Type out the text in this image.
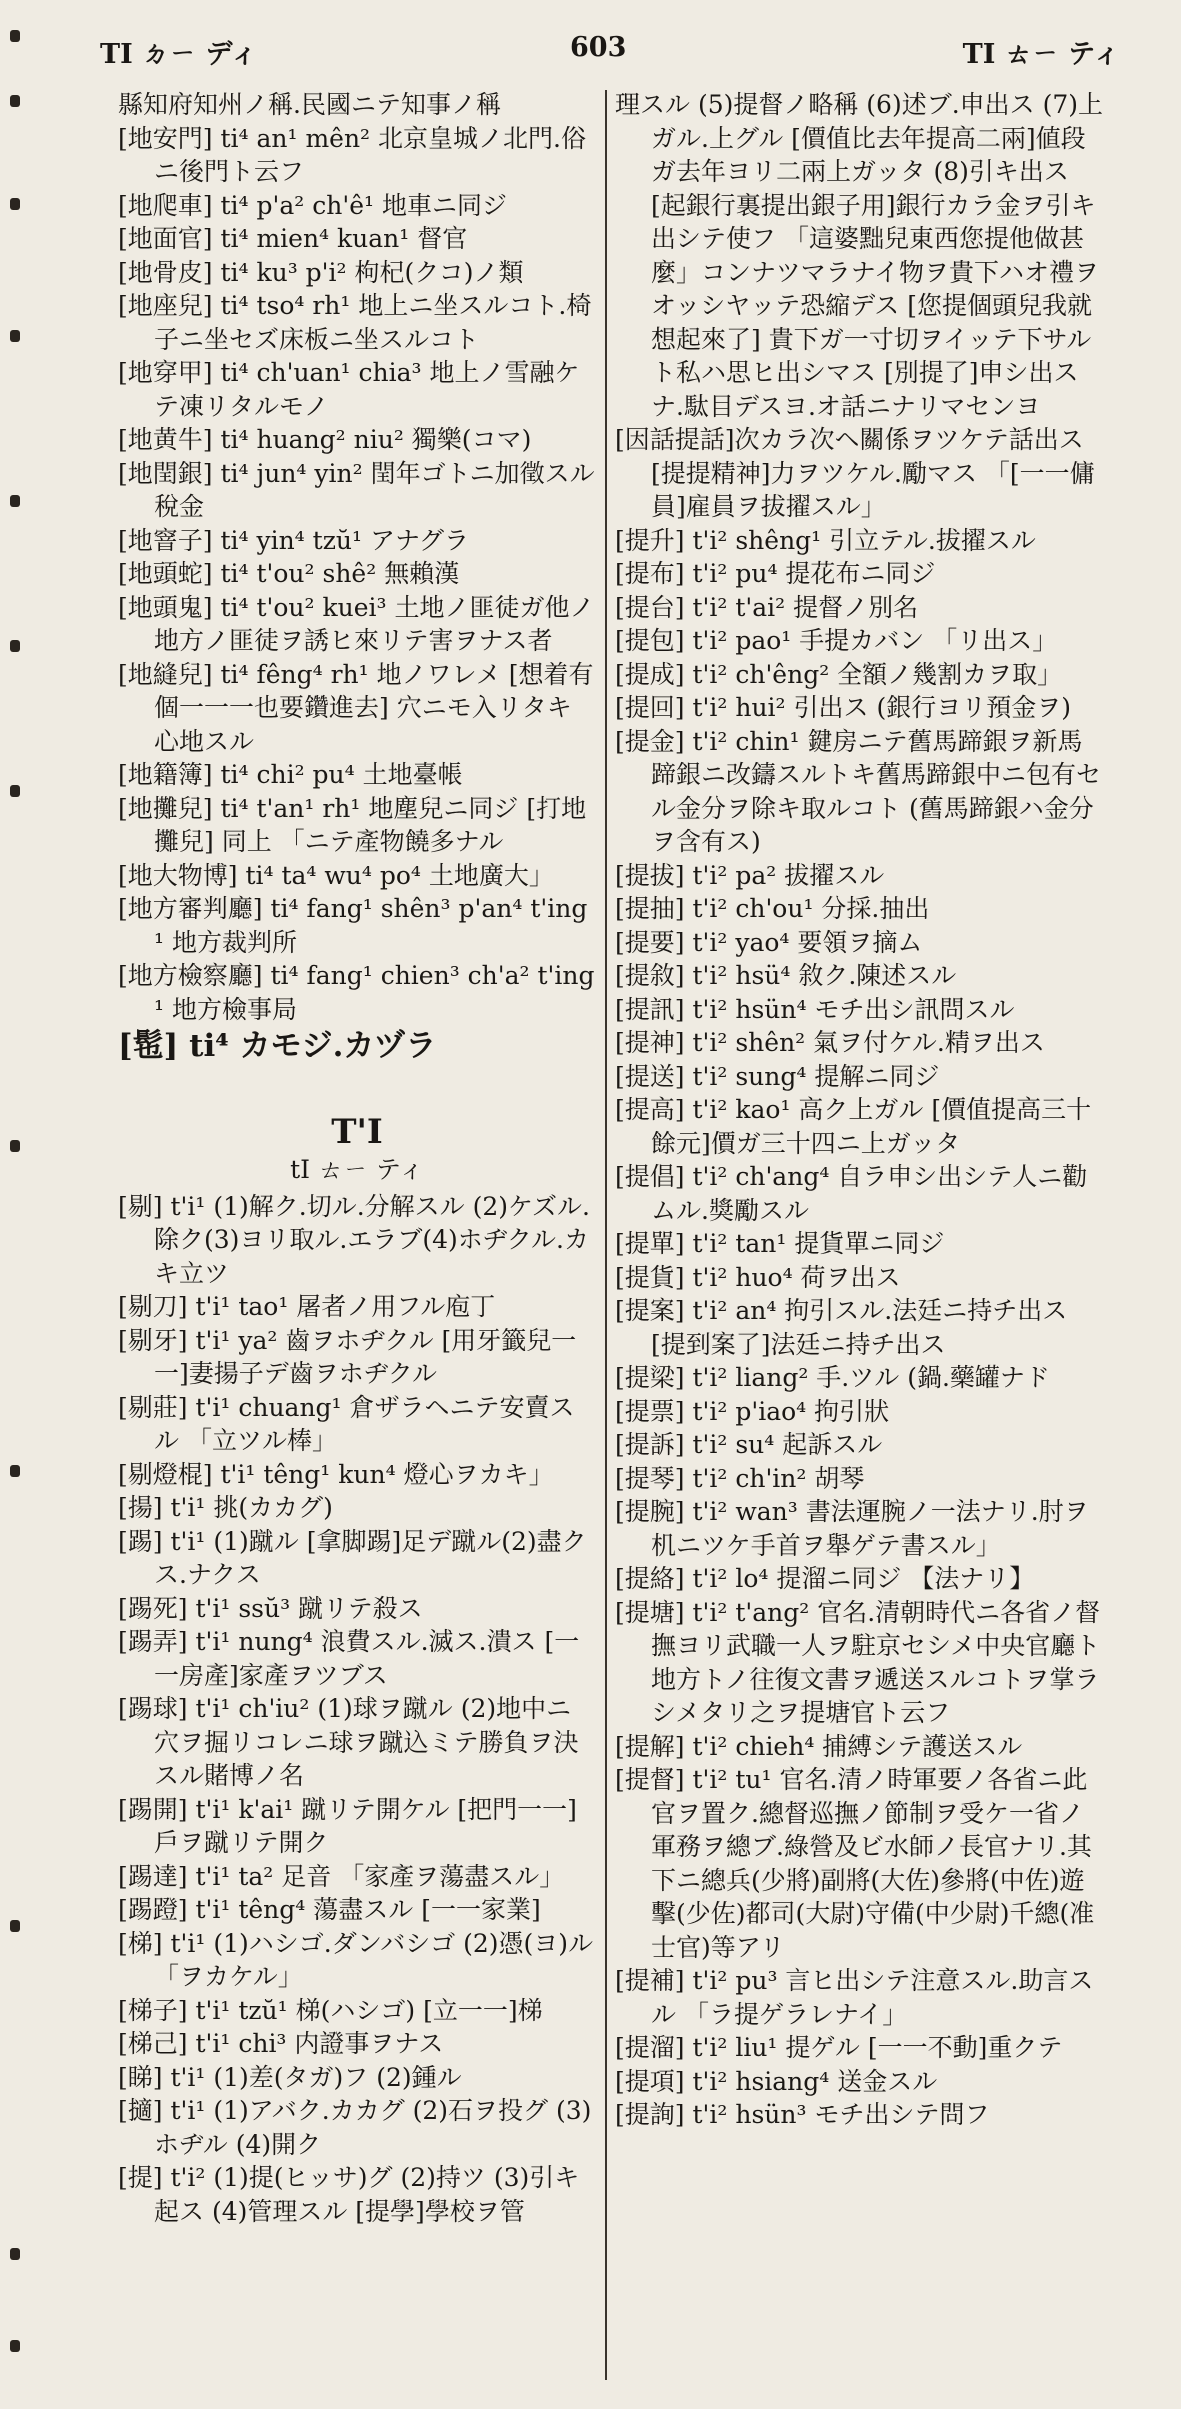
TI ㄉㄧ ディ	603	TI ㄊㄧ ティ
縣知府知州ノ稱.民國ニテ知事ノ稱
[地安門] ti⁴ an¹ mên² 北京皇城ノ北門.俗ニ後門ト云フ
[地爬車] ti⁴ p'a² ch'ê¹ 地車ニ同ジ
[地面官] ti⁴ mien⁴ kuan¹ 督官
[地骨皮] ti⁴ ku³ p'i² 枸杞(クコ)ノ類
[地座兒] ti⁴ tso⁴ rh¹ 地上ニ坐スルコト.椅子ニ坐セズ床板ニ坐スルコト
[地穿甲] ti⁴ ch'uan¹ chia³ 地上ノ雪融ケテ凍リタルモノ
[地黄牛] ti⁴ huang² niu² 獨樂(コマ)
[地閏銀] ti⁴ jun⁴ yin² 閏年ゴトニ加徵スル稅金
[地窨子] ti⁴ yin⁴ tzŭ¹ アナグラ
[地頭蛇] ti⁴ t'ou² shê² 無賴漢
[地頭鬼] ti⁴ t'ou² kuei³ 土地ノ匪徒ガ他ノ地方ノ匪徒ヲ誘ヒ來リテ害ヲナス者
[地縫兒] ti⁴ fêng⁴ rh¹ 地ノワレメ [想着有個一一一也要鑽進去] 穴ニモ入リタキ心地スル
[地籍簿] ti⁴ chi² pu⁴ 土地臺帳
[地攤兒] ti⁴ t'an¹ rh¹ 地塵兒ニ同ジ [打地攤兒] 同上 「ニテ產物饒多ナル
[地大物博] ti⁴ ta⁴ wu⁴ po⁴ 土地廣大」
[地方審判廳] ti⁴ fang¹ shên³ p'an⁴ t'ing¹ 地方裁判所
[地方檢察廳] ti⁴ fang¹ chien³ ch'a² t'ing¹ 地方檢事局
[髢] ti⁴ カモジ.カヅラ
T'I
tI ㄊㄧ ティ
[剔] t'i¹ (1)解ク.切ル.分解スル (2)ケズル.除ク(3)ヨリ取ル.エラブ(4)ホヂクル.カキ立ツ
[剔刀] t'i¹ tao¹ 屠者ノ用フル庖丁
[剔牙] t'i¹ ya² 齒ヲホヂクル [用牙籤兒一一]妻揚子デ齒ヲホヂクル
[剔莊] t'i¹ chuang¹ 倉ザラヘニテ安賣スル 「立ツル棒」
[剔燈棍] t'i¹ têng¹ kun⁴ 燈心ヲカキ」
[揚] t'i¹ 挑(カカグ)
[踢] t'i¹ (1)蹴ル [拿脚踢]足デ蹴ル(2)盡クス.ナクス
[踢死] t'i¹ ssŭ³ 蹴リテ殺ス
[踢弄] t'i¹ nung⁴ 浪費スル.滅ス.潰ス [一一房產]家產ヲツブス
[踢球] t'i¹ ch'iu² (1)球ヲ蹴ル (2)地中ニ穴ヲ掘リコレニ球ヲ蹴込ミテ勝負ヲ決スル賭博ノ名
[踢開] t'i¹ k'ai¹ 蹴リテ開ケル [把門一一]戶ヲ蹴リテ開ク
[踢達] t'i¹ ta² 足音 「家產ヲ蕩盡スル」
[踢蹬] t'i¹ têng⁴ 蕩盡スル [一一家業]
[梯] t'i¹ (1)ハシゴ.ダンバシゴ (2)憑(ヨ)ル 「ヲカケル」
[梯子] t'i¹ tzŭ¹ 梯(ハシゴ) [立一一]梯
[梯己] t'i¹ chi³ 内證事ヲナス
[睇] t'i¹ (1)差(タガ)フ (2)鍾ル
[擿] t'i¹ (1)アバク.カカグ (2)石ヲ投グ (3)ホヂル (4)開ク
[提] t'i² (1)提(ヒッサ)グ (2)持ツ (3)引キ起ス (4)管理スル [提學]學校ヲ管
理スル (5)提督ノ略稱 (6)述ブ.申出ス (7)上ガル.上グル [價值比去年提高二兩]値段ガ去年ヨリ二兩上ガッタ (8)引キ出ス [起銀行裏提出銀子用]銀行カラ金ヲ引キ出シテ使フ 「這婆黜兒東西您提他做甚麼」コンナツマラナイ物ヲ貴下ハオ禮ヲオッシヤッテ恐縮デス [您提個頭兒我就想起來了] 貴下ガ一寸切ヲイッテ下サルト私ハ思ヒ出シマス [別提了]申シ出スナ.駄目デスヨ.オ話ニナリマセンヨ
[因話提話]次カラ次ヘ關係ヲツケテ話出ス [提提精神]力ヲツケル.勵マス 「[一一傭員]雇員ヲ拔擢スル」
[提升] t'i² shêng¹ 引立テル.拔擢スル
[提布] t'i² pu⁴ 提花布ニ同ジ
[提台] t'i² t'ai² 提督ノ別名
[提包] t'i² pao¹ 手提カバン 「リ出ス」
[提成] t'i² ch'êng² 全額ノ幾割カヲ取」
[提回] t'i² hui² 引出ス (銀行ヨリ預金ヲ)
[提金] t'i² chin¹ 鍵房ニテ舊馬蹄銀ヲ新馬蹄銀ニ改鑄スルトキ舊馬蹄銀中ニ包有セル金分ヲ除キ取ルコト (舊馬蹄銀ハ金分ヲ含有ス)
[提拔] t'i² pa² 拔擢スル
[提抽] t'i² ch'ou¹ 分採.抽出
[提要] t'i² yao⁴ 要領ヲ摘ム
[提敘] t'i² hsü⁴ 敘ク.陳述スル
[提訊] t'i² hsün⁴ モチ出シ訊問スル
[提神] t'i² shên² 氣ヲ付ケル.精ヲ出ス
[提送] t'i² sung⁴ 提解ニ同ジ
[提高] t'i² kao¹ 高ク上ガル [價值提高三十餘元]價ガ三十四ニ上ガッタ
[提倡] t'i² ch'ang⁴ 自ラ申シ出シテ人ニ勸ムル.獎勵スル
[提單] t'i² tan¹ 提貨單ニ同ジ
[提貨] t'i² huo⁴ 荷ヲ出ス
[提案] t'i² an⁴ 拘引スル.法廷ニ持チ出ス [提到案了]法廷ニ持チ出ス
[提梁] t'i² liang² 手.ツル (鍋.藥罐ナド
[提票] t'i² p'iao⁴ 拘引狀
[提訴] t'i² su⁴ 起訴スル
[提琴] t'i² ch'in² 胡琴
[提腕] t'i² wan³ 書法運腕ノ一法ナリ.肘ヲ机ニツケ手首ヲ舉ゲテ書スル」
[提絡] t'i² lo⁴ 提溜ニ同ジ 【法ナリ】
[提塘] t'i² t'ang² 官名.清朝時代ニ各省ノ督撫ヨリ武職一人ヲ駐京セシメ中央官廳ト地方トノ往復文書ヲ遞送スルコトヲ掌ラシメタリ之ヲ提塘官ト云フ
[提解] t'i² chieh⁴ 捕縛シテ護送スル
[提督] t'i² tu¹ 官名.清ノ時軍要ノ各省ニ此官ヲ置ク.總督巡撫ノ節制ヲ受ケ一省ノ軍務ヲ總ブ.綠營及ビ水師ノ長官ナリ.其下ニ總兵(少將)副將(大佐)參將(中佐)遊擊(少佐)都司(大尉)守備(中少尉)千總(准士官)等アリ
[提補] t'i² pu³ 言ヒ出シテ注意スル.助言スル 「ラ提ゲラレナイ」
[提溜] t'i² liu¹ 提ゲル [一一不動]重クテ
[提項] t'i² hsiang⁴ 送金スル
[提詢] t'i² hsün³ モチ出シテ問フ
